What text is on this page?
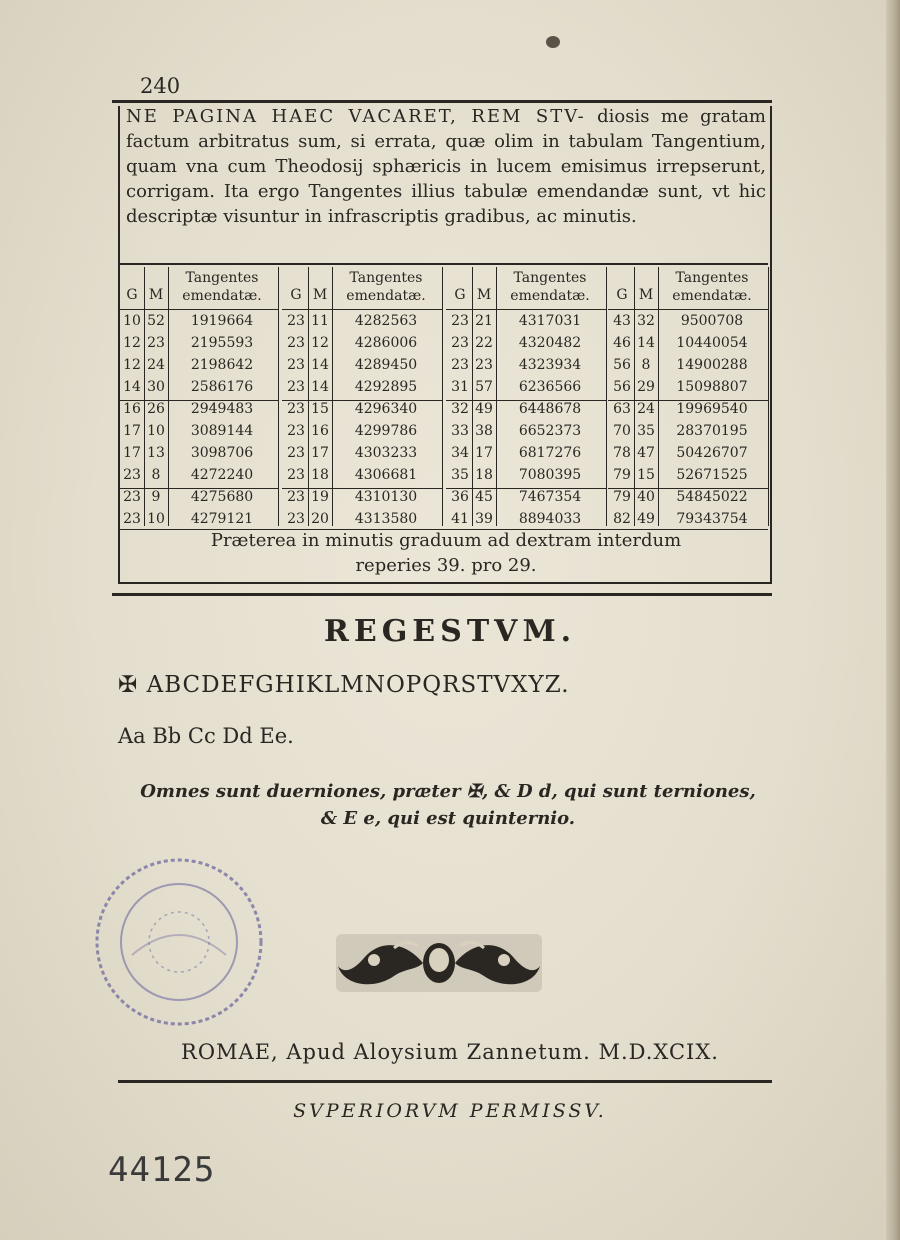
240
NE PAGINA HAEC VACARET, REM STV- diosis me gratam factum arbitratus sum, si errata, quæ olim in tabulam Tangentium, quam vna cum Theodosij sphæricis in lucem emisimus irrepserunt, corrigam. Ita ergo Tangentes illius tabulæ emendandæ sunt, vt hic descriptæ visuntur in infrascriptis gradibus, ac minutis.
G M
Tangentes
emendatæ.
10 52	1919664
12 23	2195593
12 24	2198642
14 30	2586176
16 26	2949483
17 10	3089144
17 13	3098706
23 8	4272240
23 9	4275680
23 10	4279121
G M
Tangentes
emendatæ.
23 11	4282563
23 12	4286006
23 14	4289450
23 14	4292895
23 15	4296340
23 16	4299786
23 17	4303233
23 18	4306681
23 19	4310130
23 20	4313580
G M
Tangentes
emendatæ.
23 21	4317031
23 22	4320482
23 23	4323934
31 57	6236566
32 49	6448678
33 38	6652373
34 17	6817276
35 18	7080395
36 45	7467354
41 39	8894033
G M
Tangentes
emendatæ.
43 32	9500708
46 14	10440054
56 8	14900288
56 29	15098807
63 24	19969540
70 35	28370195
78 47	50426707
79 15	52671525
79 40	54845022
82 49	79343754
Præterea in minutis graduum ad dextram interdum
reperies 39. pro 29.
REGESTVM.
✠ ABCDEFGHIKLMNOPQRSTVXYZ.
Aa Bb Cc Dd Ee.
Omnes sunt duerniones, præter ✠, & D d, qui sunt terniones,
& E e, qui est quinternio.
ROMAE, Apud Aloysium Zannetum. M.D.XCIX.
SVPERIORVM PERMISSV.
44125
